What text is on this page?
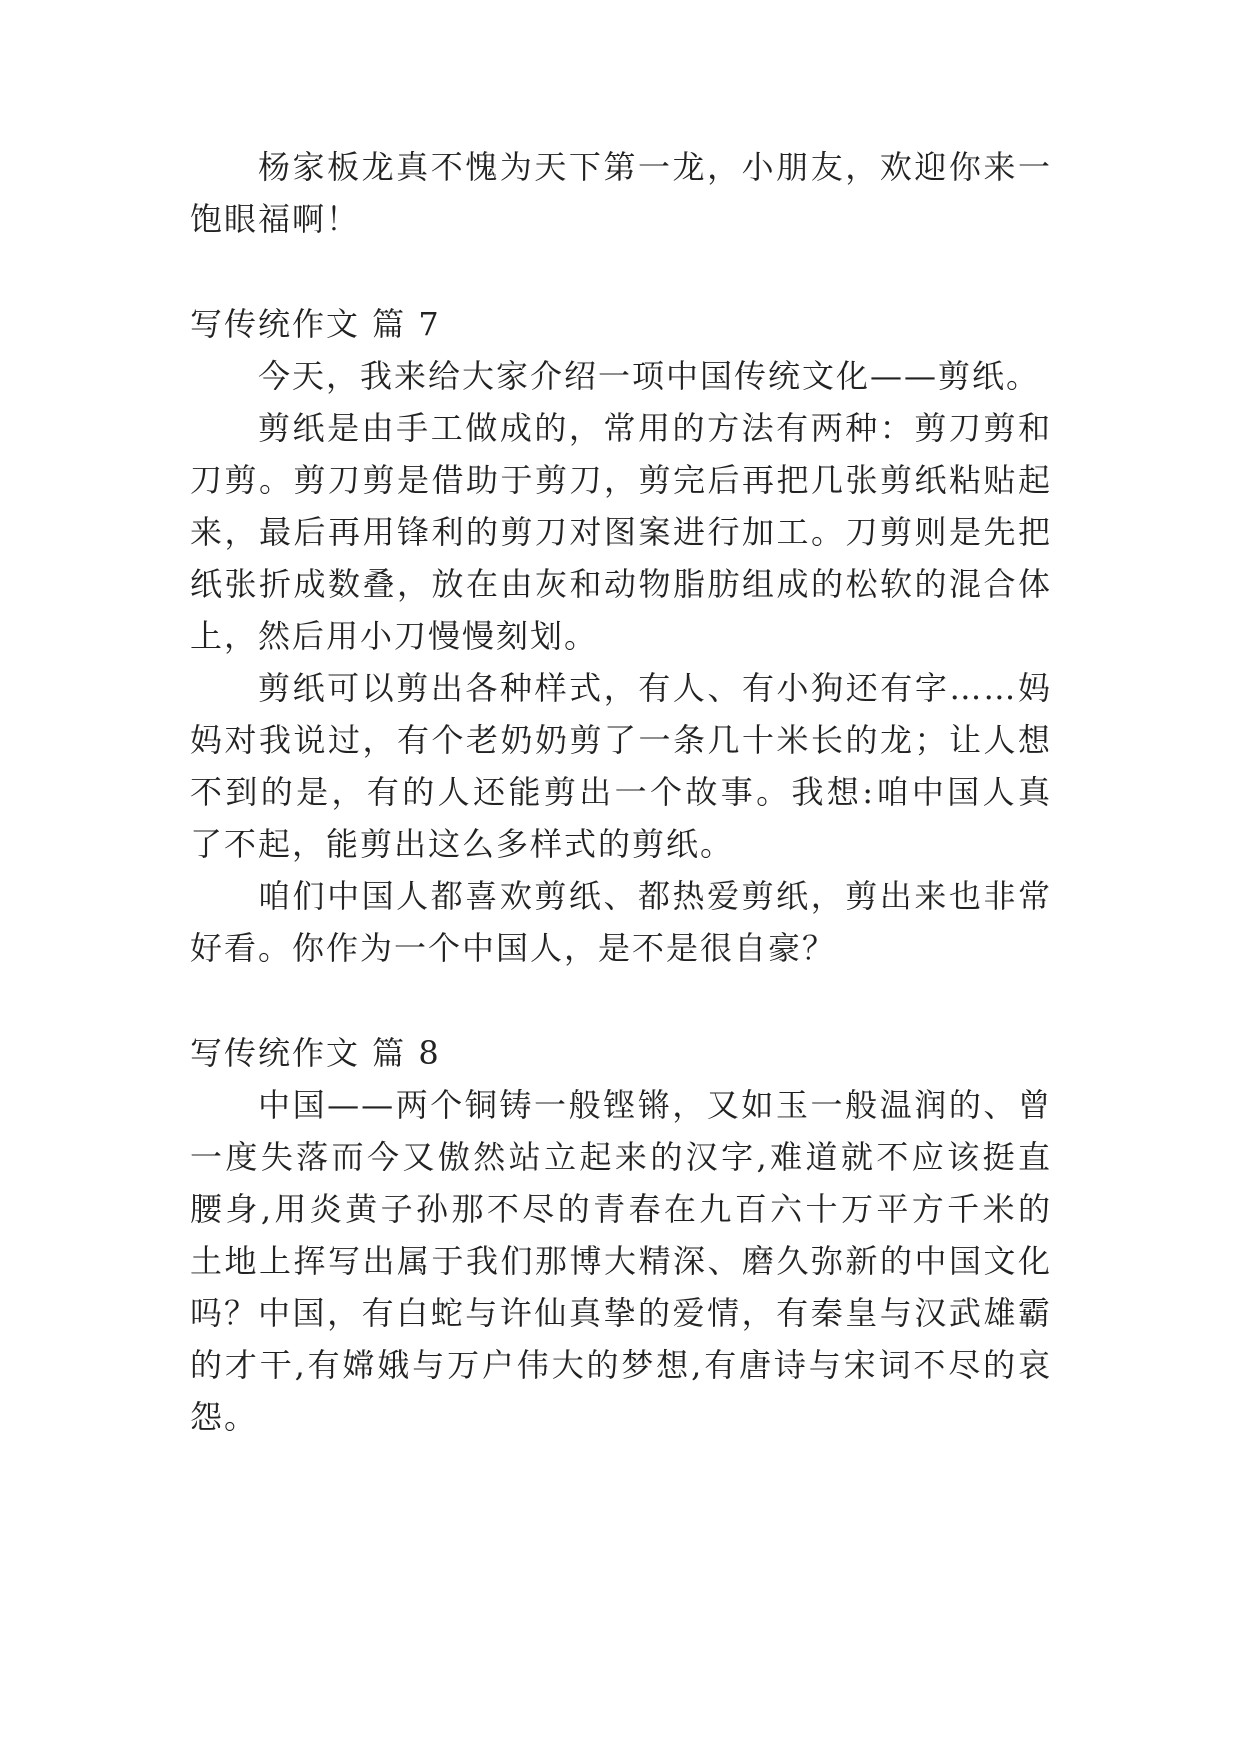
杨家板龙真不愧为天下第一龙，小朋友，欢迎你来一饱眼福啊！

写传统作文 篇 7

今天，我来给大家介绍一项中国传统文化——剪纸。

剪纸是由手工做成的，常用的方法有两种：剪刀剪和刀剪。剪刀剪是借助于剪刀，剪完后再把几张剪纸粘贴起来，最后再用锋利的剪刀对图案进行加工。刀剪则是先把纸张折成数叠，放在由灰和动物脂肪组成的松软的混合体上，然后用小刀慢慢刻划。

剪纸可以剪出各种样式，有人、有小狗还有字……妈妈对我说过，有个老奶奶剪了一条几十米长的龙；让人想不到的是，有的人还能剪出一个故事。我想:咱中国人真了不起，能剪出这么多样式的剪纸。

咱们中国人都喜欢剪纸、都热爱剪纸，剪出来也非常好看。你作为一个中国人，是不是很自豪？

写传统作文 篇 8

中国——两个铜铸一般铿锵，又如玉一般温润的、曾一度失落而今又傲然站立起来的汉字,难道就不应该挺直腰身,用炎黄子孙那不尽的青春在九百六十万平方千米的土地上挥写出属于我们那博大精深、磨久弥新的中国文化吗？ 中国，有白蛇与许仙真挚的爱情，有秦皇与汉武雄霸的才干,有嫦娥与万户伟大的梦想,有唐诗与宋词不尽的哀怨。
